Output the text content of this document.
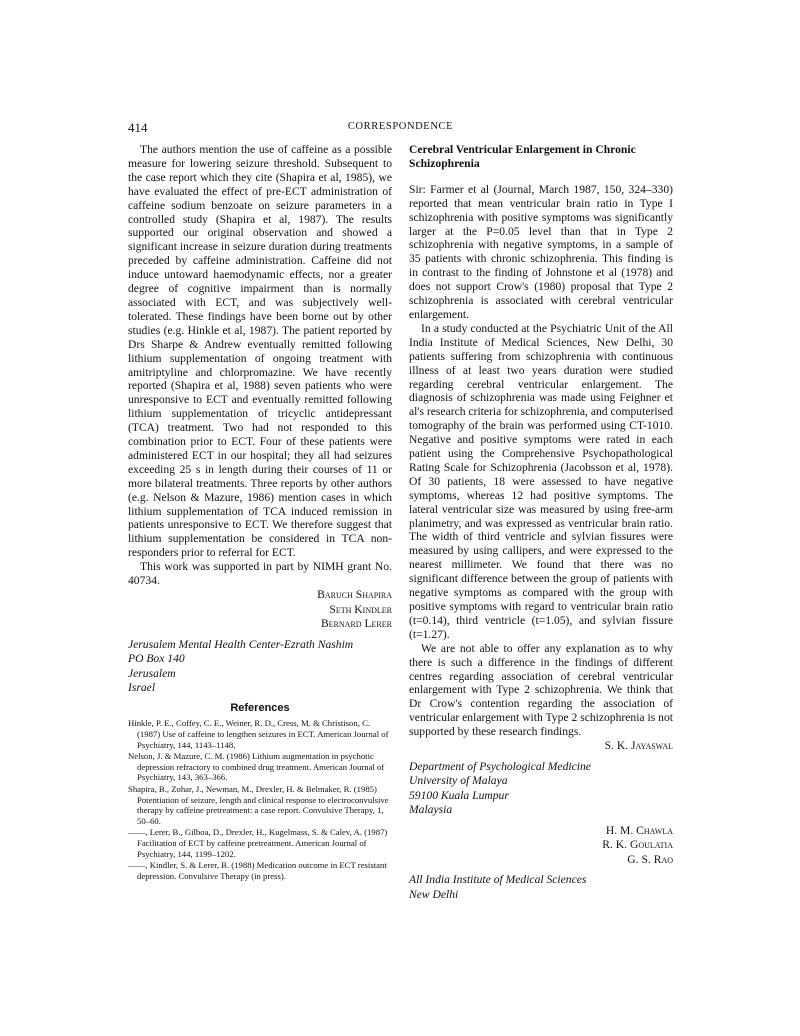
414	CORRESPONDENCE

The authors mention the use of caffeine as a possible measure for lowering seizure threshold. Subsequent to the case report which they cite (Shapira et al, 1985), we have evaluated the effect of pre-ECT administration of caffeine sodium benzoate on seizure parameters in a controlled study (Shapira et al, 1987). The results supported our original observation and showed a significant increase in seizure duration during treatments preceded by caffeine administration. Caffeine did not induce untoward haemodynamic effects, nor a greater degree of cognitive impairment than is normally associated with ECT, and was subjectively well-tolerated. These findings have been borne out by other studies (e.g. Hinkle et al, 1987). The patient reported by Drs Sharpe & Andrew eventually remitted following lithium supplementation of ongoing treatment with amitriptyline and chlorpromazine. We have recently reported (Shapira et al, 1988) seven patients who were unresponsive to ECT and eventually remitted following lithium supplementation of tricyclic antidepressant (TCA) treatment. Two had not responded to this combination prior to ECT. Four of these patients were administered ECT in our hospital; they all had seizures exceeding 25 s in length during their courses of 11 or more bilateral treatments. Three reports by other authors (e.g. Nelson & Mazure, 1986) mention cases in which lithium supplementation of TCA induced remission in patients unresponsive to ECT. We therefore suggest that lithium supplementation be considered in TCA non-responders prior to referral for ECT.

This work was supported in part by NIMH grant No. 40734.

Baruch Shapira
Seth Kindler
Bernard Lerer
Jerusalem Mental Health Center-Ezrath Nashim
PO Box 140
Jerusalem
Israel
References
Hinkle, P. E., Coffey, C. E., Weiner, R. D., Cress, M. & Christison, C. (1987) Use of caffeine to lengthen seizures in ECT. American Journal of Psychiatry, 144, 1143–1148.
Nelson, J. & Mazure, C. M. (1986) Lithium augmentation in psychotic depression refractory to combined drug treatment. American Journal of Psychiatry, 143, 363–366.
Shapira, B., Zohar, J., Newman, M., Drexler, H. & Belmaker, R. (1985) Potentiation of seizure, length and clinical response to electroconvulsive therapy by caffeine pretreatment: a case report. Convulsive Therapy, 1, 50–60.
——, Lerer, B., Gilboa, D., Drexler, H., Kugelmass, S. & Calev, A. (1987) Facilitation of ECT by caffeine pretreatment. American Journal of Psychiatry, 144, 1199–1202.
——, Kindler, S. & Lerer, B. (1988) Medication outcome in ECT resistant depression. Convulsive Therapy (in press).
Cerebral Ventricular Enlargement in Chronic Schizophrenia

Sir: Farmer et al (Journal, March 1987, 150, 324–330) reported that mean ventricular brain ratio in Type I schizophrenia with positive symptoms was significantly larger at the P=0.05 level than that in Type 2 schizophrenia with negative symptoms, in a sample of 35 patients with chronic schizophrenia. This finding is in contrast to the finding of Johnstone et al (1978) and does not support Crow's (1980) proposal that Type 2 schizophrenia is associated with cerebral ventricular enlargement.

In a study conducted at the Psychiatric Unit of the All India Institute of Medical Sciences, New Delhi, 30 patients suffering from schizophrenia with continuous illness of at least two years duration were studied regarding cerebral ventricular enlargement. The diagnosis of schizophrenia was made using Feighner et al's research criteria for schizophrenia, and computerised tomography of the brain was performed using CT-1010. Negative and positive symptoms were rated in each patient using the Comprehensive Psychopathological Rating Scale for Schizophrenia (Jacobsson et al, 1978). Of 30 patients, 18 were assessed to have negative symptoms, whereas 12 had positive symptoms. The lateral ventricular size was measured by using free-arm planimetry, and was expressed as ventricular brain ratio. The width of third ventricle and sylvian fissures were measured by using callipers, and were expressed to the nearest millimeter. We found that there was no significant difference between the group of patients with negative symptoms as compared with the group with positive symptoms with regard to ventricular brain ratio (t=0.14), third ventricle (t=1.05), and sylvian fissure (t=1.27).

We are not able to offer any explanation as to why there is such a difference in the findings of different centres regarding association of cerebral ventricular enlargement with Type 2 schizophrenia. We think that Dr Crow's contention regarding the association of ventricular enlargement with Type 2 schizophrenia is not supported by these research findings.

S. K. Jayaswal
Department of Psychological Medicine
University of Malaya
59100 Kuala Lumpur
Malaysia
H. M. Chawla
R. K. Goulatia
G. S. Rao
All India Institute of Medical Sciences
New Delhi
